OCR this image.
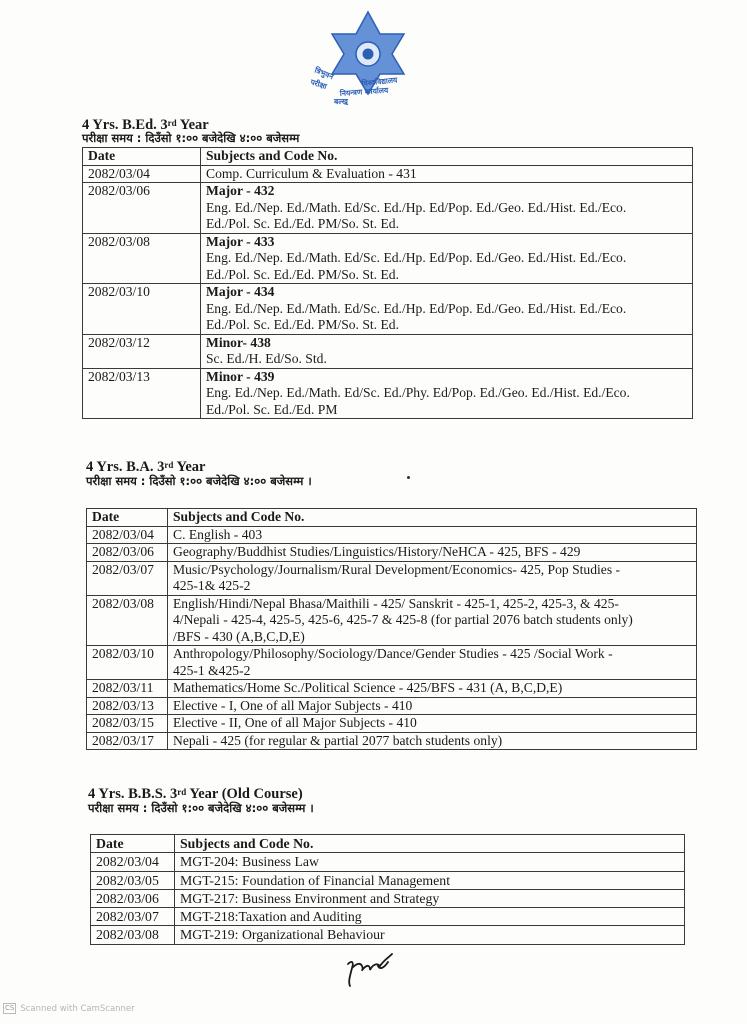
त्रिभुवन
विश्वविद्यालय
परीक्षा
नियन्त्रण कार्यालय
बल्खु
4 Yrs. B.Ed. 3rd Year
परीक्षा समय : दिउँसो १:०० बजेदेखि ४:०० बजेसम्म
Date	Subjects and Code No.
2082/03/04	Comp. Curriculum & Evaluation - 431

2082/03/06	Major - 432
Eng. Ed./Nep. Ed./Math. Ed/Sc. Ed./Hp. Ed/Pop. Ed./Geo. Ed./Hist. Ed./Eco.
Ed./Pol. Sc. Ed./Ed. PM/So. St. Ed.

2082/03/08	Major - 433
Eng. Ed./Nep. Ed./Math. Ed/Sc. Ed./Hp. Ed/Pop. Ed./Geo. Ed./Hist. Ed./Eco.
Ed./Pol. Sc. Ed./Ed. PM/So. St. Ed.

2082/03/10	Major - 434
Eng. Ed./Nep. Ed./Math. Ed/Sc. Ed./Hp. Ed/Pop. Ed./Geo. Ed./Hist. Ed./Eco.
Ed./Pol. Sc. Ed./Ed. PM/So. St. Ed.

2082/03/12	Minor- 438
Sc. Ed./H. Ed/So. Std.

2082/03/13	Minor - 439
Eng. Ed./Nep. Ed./Math. Ed/Sc. Ed./Phy. Ed/Pop. Ed./Geo. Ed./Hist. Ed./Eco.
Ed./Pol. Sc. Ed./Ed. PM
4 Yrs. B.A. 3rd Year
परीक्षा समय : दिउँसो १:०० बजेदेखि ४:०० बजेसम्म ।
Date	Subjects and Code No.
2082/03/04	C. English - 403

2082/03/06	Geography/Buddhist Studies/Linguistics/History/NeHCA - 425, BFS - 429

2082/03/07	Music/Psychology/Journalism/Rural Development/Economics- 425, Pop Studies -
425-1& 425-2

2082/03/08	English/Hindi/Nepal Bhasa/Maithili - 425/ Sanskrit - 425-1, 425-2, 425-3, & 425-
4/Nepali - 425-4, 425-5, 425-6, 425-7 & 425-8 (for partial 2076 batch students only)
/BFS - 430 (A,B,C,D,E)

2082/03/10	Anthropology/Philosophy/Sociology/Dance/Gender Studies - 425 /Social Work -
425-1 &425-2

2082/03/11	Mathematics/Home Sc./Political Science - 425/BFS - 431 (A, B,C,D,E)

2082/03/13	Elective - I, One of all Major Subjects - 410

2082/03/15	Elective - II, One of all Major Subjects - 410

2082/03/17	Nepali - 425 (for regular & partial 2077 batch students only)
4 Yrs. B.B.S. 3rd Year (Old Course)
परीक्षा समय : दिउँसो १:०० बजेदेखि ४:०० बजेसम्म ।
Date	Subjects and Code No.
2082/03/04	MGT-204: Business Law

2082/03/05	MGT-215: Foundation of Financial Management

2082/03/06	MGT-217: Business Environment and Strategy

2082/03/07	MGT-218:Taxation and Auditing

2082/03/08	MGT-219: Organizational Behaviour
CS Scanned with CamScanner
